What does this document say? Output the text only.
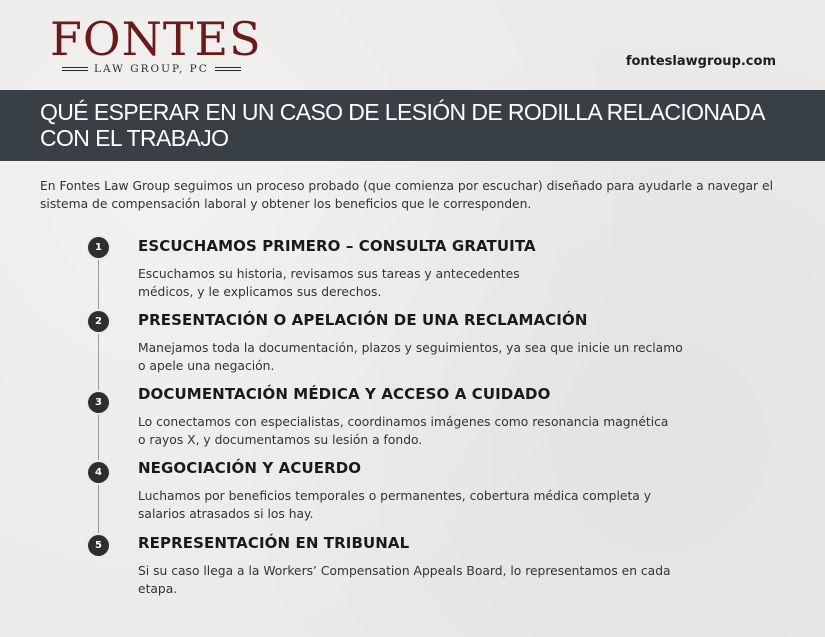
FONTES
LAW GROUP, PC	fonteslawgroup.com
QUÉ ESPERAR EN UN CASO DE LESIÓN DE RODILLA RELACIONADA CON EL TRABAJO
En Fontes Law Group seguimos un proceso probado (que comienza por escuchar) diseñado para ayudarle a navegar el sistema de compensación laboral y obtener los beneficios que le corresponden.
1	ESCUCHAMOS PRIMERO – CONSULTA GRATUITA
Escuchamos su historia, revisamos sus tareas y antecedentes médicos, y le explicamos sus derechos.
2	PRESENTACIÓN O APELACIÓN DE UNA RECLAMACIÓN
Manejamos toda la documentación, plazos y seguimientos, ya sea que inicie un reclamo o apele una negación.
3	DOCUMENTACIÓN MÉDICA Y ACCESO A CUIDADO
Lo conectamos con especialistas, coordinamos imágenes como resonancia magnética o rayos X, y documentamos su lesión a fondo.
4	NEGOCIACIÓN Y ACUERDO
Luchamos por beneficios temporales o permanentes, cobertura médica completa y salarios atrasados si los hay.
5	REPRESENTACIÓN EN TRIBUNAL
Si su caso llega a la Workers’ Compensation Appeals Board, lo representamos en cada etapa.
